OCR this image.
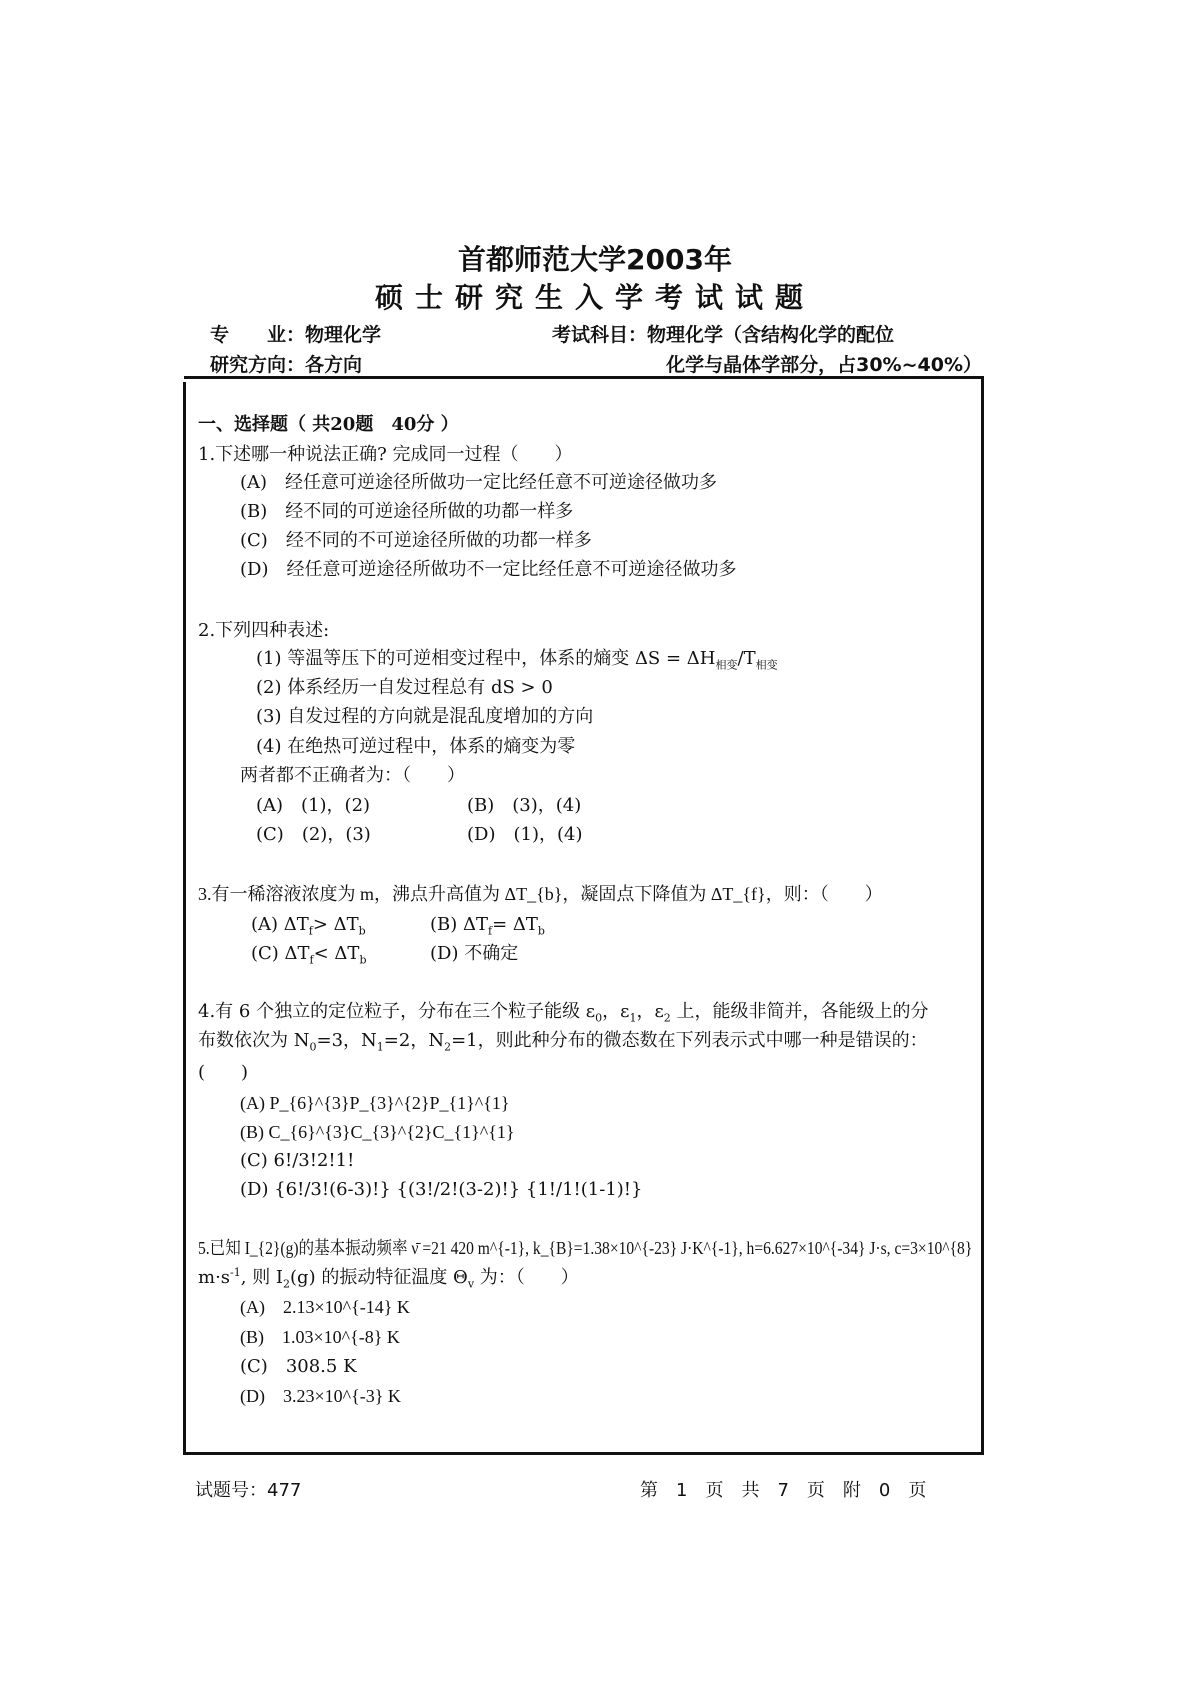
首都师范大学2003年
硕士研究生入学考试试题
专　　业：物理化学
研究方向：各方向
考试科目：物理化学（含结构化学的配位
化学与晶体学部分，占30%~40%）
一、选择题（ 共20题　40分 ）
1.下述哪一种说法正确? 完成同一过程（　　）
(A)　经任意可逆途径所做功一定比经任意不可逆途径做功多
(B)　经不同的可逆途径所做的功都一样多
(C)　经不同的不可逆途径所做的功都一样多
(D)　经任意可逆途径所做功不一定比经任意不可逆途径做功多
2.下列四种表述:
(1) 等温等压下的可逆相变过程中，体系的熵变 $\Delta S = \Delta H_{相变}/T_{相变}$
(2) 体系经历一自发过程总有 dS > 0
(3) 自发过程的方向就是混乱度增加的方向
(4) 在绝热可逆过程中，体系的熵变为零
两者都不正确者为：（　　）
(A)　(1)，(2)	(B)　(3)，(4)
(C)　(2)，(3)	(D)　(1)，(4)
3.有一稀溶液浓度为 m，沸点升高值为 ΔT_{b}，凝固点下降值为 ΔT_{f}，则：（　　）
(A) $\Delta T_f> \Delta T_b$	(B) $\Delta T_f= \Delta T_b$
(C) $\Delta T_f< \Delta T_b$	(D) 不确定
4.有 6 个独立的定位粒子，分布在三个粒子能级 $\varepsilon_0$，$\varepsilon_1$，$\varepsilon_2$ 上，能级非简并，各能级上的分
布数依次为 $N_0=3$，$N_1=2$，$N_2=1$，则此种分布的微态数在下列表示式中哪一种是错误的：
(　　)
(A) P_{6}^{3}P_{3}^{2}P_{1}^{1}
(B) C_{6}^{3}C_{3}^{2}C_{1}^{1}
(C) 6!/3!2!1!
(D) {6!/3!(6-3)!} {(3!/2!(3-2)!} {1!/1!(1-1)!}
5.已知 I_{2}(g)的基本振动频率 ν̄ =21 420 m^{-1}, k_{B}=1.38×10^{-23} J·K^{-1}, h=6.627×10^{-34} J·s, c=3×10^{8}
$m\cdot s^{-1}$, 则 $I_2(g)$ 的振动特征温度 $\Theta_v$ 为：（　　）
(A)　2.13×10^{-14} K
(B)　1.03×10^{-8} K
(C)　308.5 K
(D)　3.23×10^{-3} K
试题号：477	第　1　页　共　7　页　附　0　页
